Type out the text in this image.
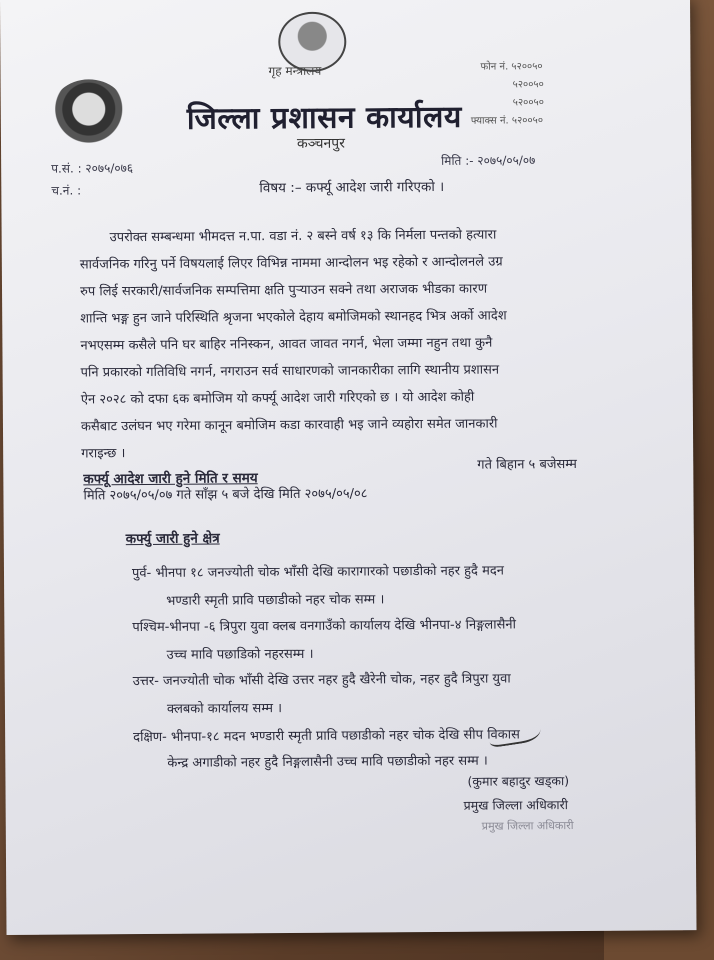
गृह मन्त्रालय
जिल्ला प्रशासन कार्यालय
कञ्चनपुर
फोन नं. ५२००५०
५२००५०
५२००५०
फ्याक्स नं. ५२००५०
प.सं. : २०७५/०७६
च.नं. :
मिति :- २०७५/०५/०७
विषय :– कर्फ्यू आदेश जारी गरिएको ।
उपरोक्त सम्बन्धमा भीमदत्त न.पा. वडा नं. २ बस्ने वर्ष १३ कि निर्मला पन्तको हत्यारा
सार्वजनिक गरिनु पर्ने विषयलाई लिएर विभिन्न नाममा आन्दोलन भइ रहेको र आन्दोलनले उग्र
रुप लिई सरकारी/सार्वजनिक सम्पत्तिमा क्षति पुर्‍याउन सक्ने तथा अराजक भीडका कारण
शान्ति भङ्ग हुन जाने परिस्थिति श्रृजना भएकोले देहाय बमोजिमको स्थानहद भित्र अर्को आदेश
नभएसम्म कसैले पनि घर बाहिर ननिस्कन, आवत जावत नगर्न, भेला जम्मा नहुन तथा कुनै
पनि प्रकारको गतिविधि नगर्न, नगराउन सर्व साधारणको जानकारीका लागि स्थानीय प्रशासन
ऐन २०२८ को दफा ६क बमोजिम यो कर्फ्यू आदेश जारी गरिएको छ । यो आदेश कोही
कसैबाट उलंघन भए गरेमा कानून बमोजिम कडा कारवाही भइ जाने व्यहोरा समेत जानकारी
गराइन्छ ।
कर्फ्यू आदेश जारी हुने मिति र समय
गते बिहान ५ बजेसम्म
मिति २०७५/०५/०७ गते साँझ ५ बजे देखि मिति २०७५/०५/०८
कर्फ्यु जारी हुने क्षेत्र
पुर्व- भीनपा १८ जनज्योती चोक भाँसी देखि कारागारको पछाडीको नहर हुदै मदन
भण्डारी स्मृती प्रावि पछाडीको नहर चोक सम्म ।
पश्चिम-भीनपा -६ त्रिपुरा युवा क्लब वनगाउँको कार्यालय देखि भीनपा-४ निङ्गलासैनी
उच्च मावि पछाडिको नहरसम्म ।
उत्तर- जनज्योती चोक भाँसी देखि उत्तर नहर हुदै खैरेनी चोक, नहर हुदै त्रिपुरा युवा
क्लबको कार्यालय सम्म ।
दक्षिण- भीनपा-१८ मदन भण्डारी स्मृती प्रावि पछाडीको नहर चोक देखि सीप विकास
केन्द्र अगाडीको नहर हुदै निङ्गलासैनी उच्च मावि पछाडीको नहर सम्म ।
(कुमार बहादुर खड्का)
प्रमुख जिल्ला अधिकारी
प्रमुख जिल्ला अधिकारी
